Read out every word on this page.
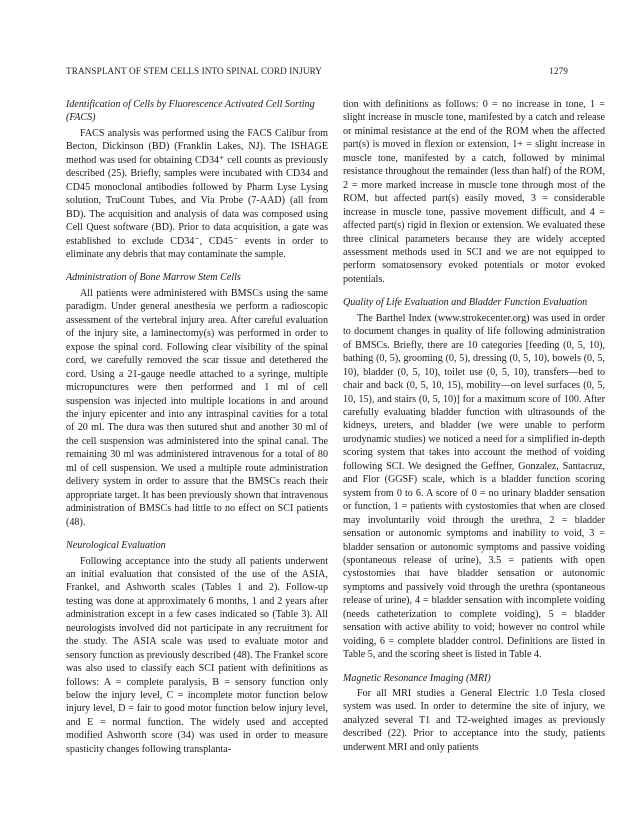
TRANSPLANT OF STEM CELLS INTO SPINAL CORD INJURY	1279
Identification of Cells by Fluorescence Activated Cell Sorting (FACS)

FACS analysis was performed using the FACS Calibur from Becton, Dickinson (BD) (Franklin Lakes, NJ). The ISHAGE method was used for obtaining CD34⁺ cell counts as previously described (25). Briefly, samples were incubated with CD34 and CD45 monoclonal antibodies followed by Pharm Lyse Lysing solution, TruCount Tubes, and Via Probe (7-AAD) (all from BD). The acquisition and analysis of data was composed using Cell Quest software (BD). Prior to data acquisition, a gate was established to exclude CD34⁻, CD45⁻ events in order to eliminate any debris that may contaminate the sample.

Administration of Bone Marrow Stem Cells

All patients were administered with BMSCs using the same paradigm. Under general anesthesia we perform a radioscopic assessment of the vertebral injury area. After careful evaluation of the injury site, a laminectomy(s) was performed in order to expose the spinal cord. Following clear visibility of the spinal cord, we carefully removed the scar tissue and detethered the cord. Using a 21-gauge needle attached to a syringe, multiple micropunctures were then performed and 1 ml of cell suspension was injected into multiple locations in and around the injury epicenter and into any intraspinal cavities for a total of 20 ml. The dura was then sutured shut and another 30 ml of the cell suspension was administered into the spinal canal. The remaining 30 ml was administered intravenous for a total of 80 ml of cell suspension. We used a multiple route administration delivery system in order to assure that the BMSCs reach their appropriate target. It has been previously shown that intravenous administration of BMSCs had little to no effect on SCI patients (48).

Neurological Evaluation

Following acceptance into the study all patients underwent an initial evaluation that consisted of the use of the ASIA, Frankel, and Ashworth scales (Tables 1 and 2). Follow-up testing was done at approximately 6 months, 1 and 2 years after administration except in a few cases indicated so (Table 3). All neurologists involved did not participate in any recruitment for the study. The ASIA scale was used to evaluate motor and sensory function as previously described (48). The Frankel score was also used to classify each SCI patient with definitions as follows: A = complete paralysis, B = sensory function only below the injury level, C = incomplete motor function below injury level, D = fair to good motor function below injury level, and E = normal function. The widely used and accepted modified Ashworth score (34) was used in order to measure spasticity changes following transplanta-

tion with definitions as follows: 0 = no increase in tone, 1 = slight increase in muscle tone, manifested by a catch and release or minimal resistance at the end of the ROM when the affected part(s) is moved in flexion or extension, 1+ = slight increase in muscle tone, manifested by a catch, followed by minimal resistance throughout the remainder (less than half) of the ROM, 2 = more marked increase in muscle tone through most of the ROM, but affected part(s) easily moved, 3 = considerable increase in muscle tone, passive movement difficult, and 4 = affected part(s) rigid in flexion or extension. We evaluated these three clinical parameters because they are widely accepted assessment methods used in SCI and we are not equipped to perform somatosensory evoked potentials or motor evoked potentials.

Quality of Life Evaluation and Bladder Function Evaluation

The Barthel Index (www.strokecenter.org) was used in order to document changes in quality of life following administration of BMSCs. Briefly, there are 10 categories [feeding (0, 5, 10), bathing (0, 5), grooming (0, 5), dressing (0, 5, 10), bowels (0, 5, 10), bladder (0, 5, 10), toilet use (0, 5, 10), transfers—bed to chair and back (0, 5, 10, 15), mobility—on level surfaces (0, 5, 10, 15), and stairs (0, 5, 10)] for a maximum score of 100. After carefully evaluating bladder function with ultrasounds of the kidneys, ureters, and bladder (we were unable to perform urodynamic studies) we noticed a need for a simplified in-depth scoring system that takes into account the method of voiding following SCI. We designed the Geffner, Gonzalez, Santacruz, and Flor (GGSF) scale, which is a bladder function scoring system from 0 to 6. A score of 0 = no urinary bladder sensation or function, 1 = patients with cystostomies that when are closed may involuntarily void through the urethra, 2 = bladder sensation or autonomic symptoms and inability to void, 3 = bladder sensation or autonomic symptoms and passive voiding (spontaneous release of urine), 3.5 = patients with open cystostomies that have bladder sensation or autonomic symptoms and passively void through the urethra (spontaneous release of urine), 4 = bladder sensation with incomplete voiding (needs catheterization to complete voiding), 5 = bladder sensation with active ability to void; however no control while voiding, 6 = complete bladder control. Definitions are listed in Table 5, and the scoring sheet is listed in Table 4.

Magnetic Resonance Imaging (MRI)

For all MRI studies a General Electric 1.0 Tesla closed system was used. In order to determine the site of injury, we analyzed several T1 and T2-weighted images as previously described (22). Prior to acceptance into the study, patients underwent MRI and only patients
